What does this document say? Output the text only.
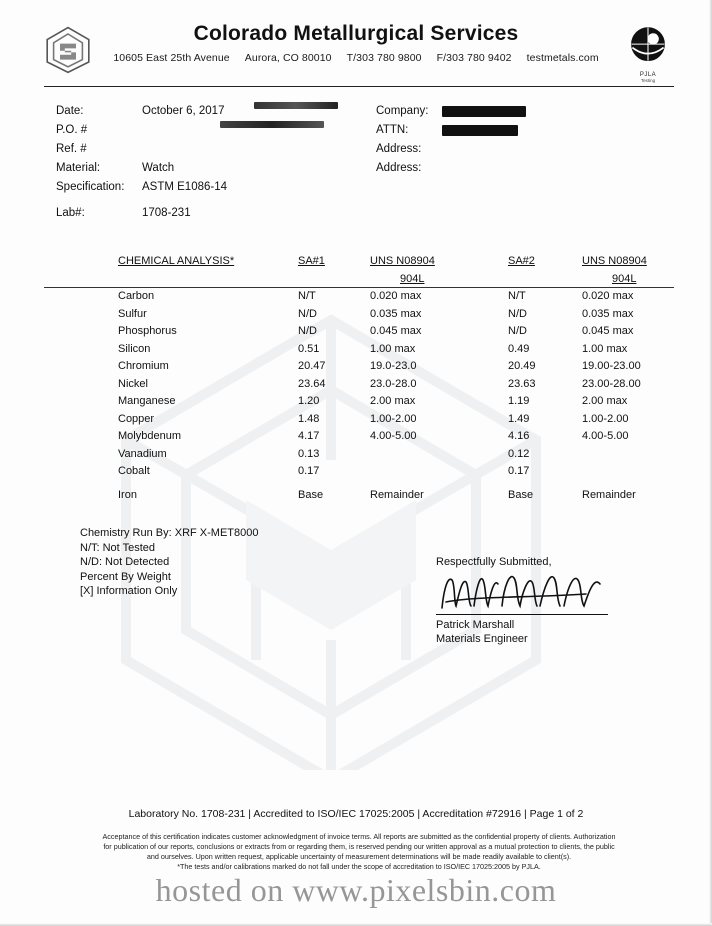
PJLA
Testing
Colorado Metallurgical Services
10605 East 25th Avenue Aurora, CO 80010 T/303 780 9800 F/303 780 9402 testmetals.com
Date:	October 6, 2017
P.O. #
Ref. #
Material:	Watch
Specification:	ASTM E1086-14
Lab#:	1708-231
Company:
ATTN:
Address:
Address:
CHEMICAL ANALYSIS*	SA#1	UNS N08904	SA#2	UNS N08904
		904L		904L
Carbon	N/T	0.020 max	N/T	0.020 max
Sulfur	N/D	0.035 max	N/D	0.035 max
Phosphorus	N/D	0.045 max	N/D	0.045 max
Silicon	0.51	1.00 max	0.49	1.00 max
Chromium	20.47	19.0-23.0	20.49	19.00-23.00
Nickel	23.64	23.0-28.0	23.63	23.00-28.00
Manganese	1.20	2.00 max	1.19	2.00 max
Copper	1.48	1.00-2.00	1.49	1.00-2.00
Molybdenum	4.17	4.00-5.00	4.16	4.00-5.00
Vanadium	0.13		0.12	
Cobalt	0.17		0.17	

Iron	Base	Remainder	Base	Remainder
Chemistry Run By: XRF X-MET8000
N/T: Not Tested
N/D: Not Detected
Percent By Weight
[X] Information Only
Respectfully Submitted,
Patrick Marshall
Materials Engineer
Laboratory No. 1708-231 | Accredited to ISO/IEC 17025:2005 | Accreditation #72916 | Page 1 of 2
Acceptance of this certification indicates customer acknowledgment of invoice terms. All reports are submitted as the confidential property of clients. Authorization
for publication of our reports, conclusions or extracts from or regarding them, is reserved pending our written approval as a mutual protection to clients, the public
and ourselves. Upon written request, applicable uncertainty of measurement determinations will be made readily available to client(s).
*The tests and/or calibrations marked do not fall under the scope of accreditation to ISO/IEC 17025:2005 by PJLA.
hosted on www.pixelsbin.com
